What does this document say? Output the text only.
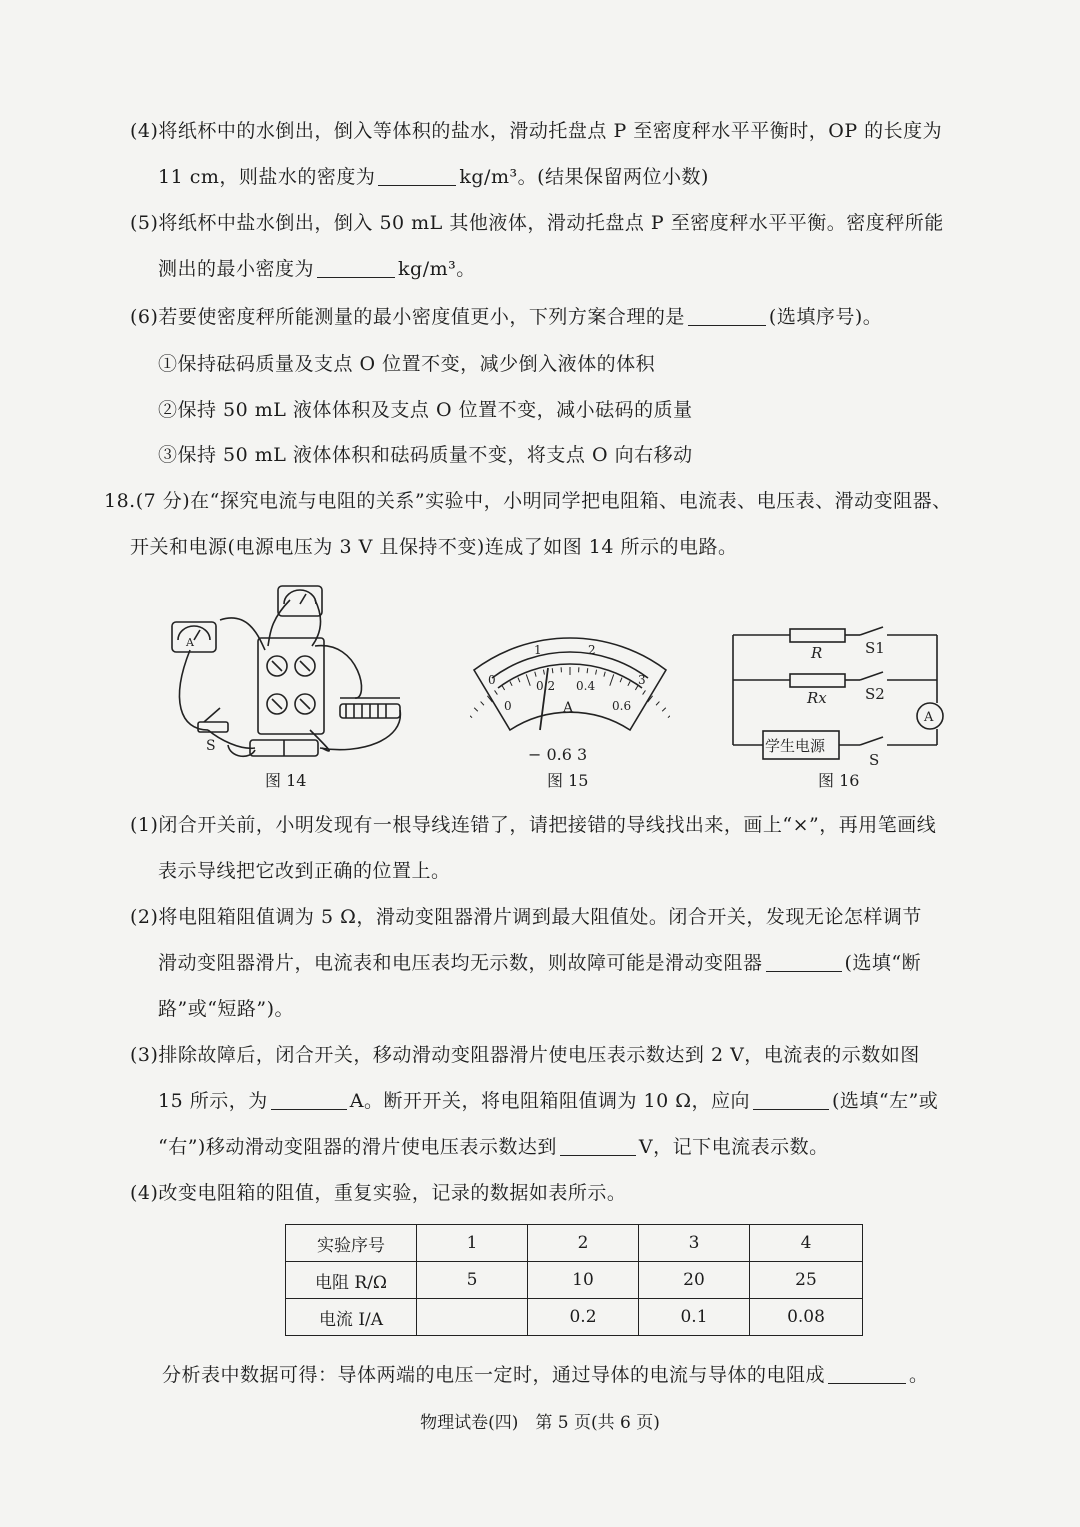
(4)将纸杯中的水倒出，倒入等体积的盐水，滑动托盘点 P 至密度秤水平平衡时，OP 的长度为
11 cm，则盐水的密度为	kg/m³。(结果保留两位小数)
(5)将纸杯中盐水倒出，倒入 50 mL 其他液体，滑动托盘点 P 至密度秤水平平衡。密度秤所能
测出的最小密度为	kg/m³。
(6)若要使密度秤所能测量的最小密度值更小，下列方案合理的是	(选填序号)。
①保持砝码质量及支点 O 位置不变，减少倒入液体的体积
②保持 50 mL 液体体积及支点 O 位置不变，减小砝码的质量
③保持 50 mL 液体体积和砝码质量不变，将支点 O 向右移动
18.(7 分)在“探究电流与电阻的关系”实验中，小明同学把电阻箱、电流表、电压表、滑动变阻器、
开关和电源(电源电压为 3 V 且保持不变)连成了如图 14 所示的电路。
A
S
图 14
0
1	2
3
0
0.2 0.4
0.6
A
− 0.6 3
图 15
R
Rx
S1
S2
S
学生电源
A
图 16
(1)闭合开关前，小明发现有一根导线连错了，请把接错的导线找出来，画上“×”，再用笔画线
表示导线把它改到正确的位置上。
(2)将电阻箱阻值调为 5 Ω，滑动变阻器滑片调到最大阻值处。闭合开关，发现无论怎样调节
滑动变阻器滑片，电流表和电压表均无示数，则故障可能是滑动变阻器	(选填“断
路”或“短路”)。
(3)排除故障后，闭合开关，移动滑动变阻器滑片使电压表示数达到 2 V，电流表的示数如图
15 所示，为	A。断开开关，将电阻箱阻值调为 10 Ω，应向	(选填“左”或
“右”)移动滑动变阻器的滑片使电压表示数达到	V，记下电流表示数。
(4)改变电阻箱的阻值，重复实验，记录的数据如表所示。
实验序号	1	2	3	4
电阻 R/Ω	5	10	20	25
电流 I/A		0.2	0.1	0.08
分析表中数据可得：导体两端的电压一定时，通过导体的电流与导体的电阻成	。
物理试卷(四)　第 5 页(共 6 页)
